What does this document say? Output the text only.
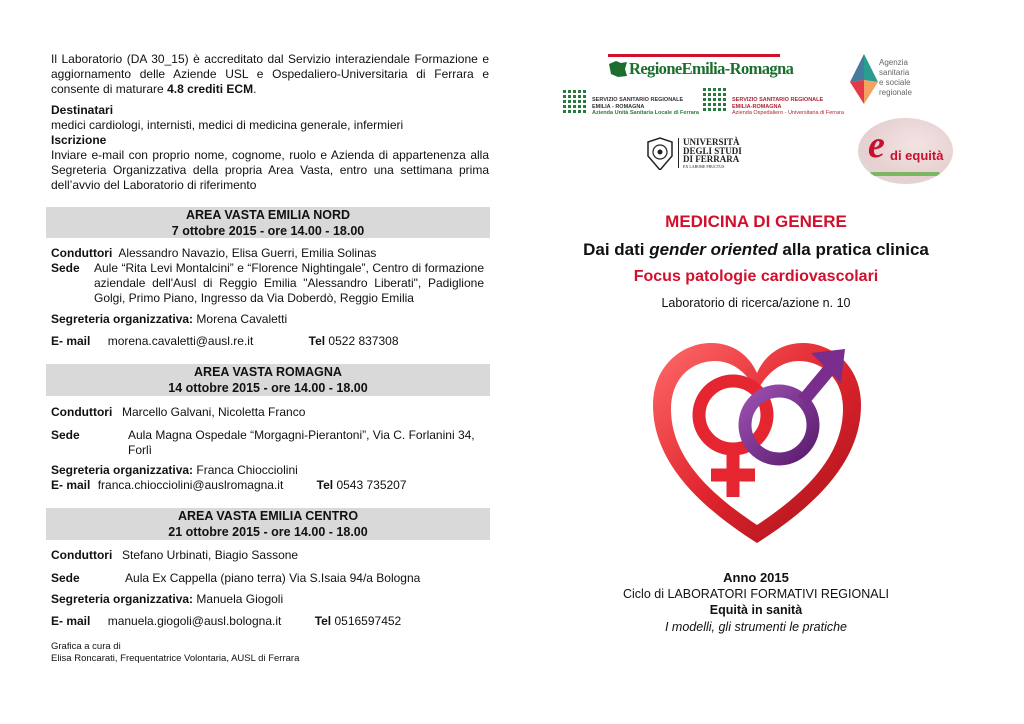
Il Laboratorio (DA 30_15) è accreditato dal Servizio interaziendale Formazione e aggiornamento delle Aziende USL e Ospedaliero-Universitaria di Ferrara e consente di maturare 4.8 crediti ECM.
Destinatari
medici cardiologi, internisti, medici di medicina generale, infermieri
Iscrizione
Inviare e-mail con proprio nome, cognome, ruolo e Azienda di appartenenza alla Segreteria Organizzativa della propria Area Vasta, entro una settimana prima dell’avvio del Laboratorio di riferimento
AREA VASTA EMILIA NORD
7 ottobre 2015 - ore 14.00 - 18.00
Conduttori Alessandro Navazio, Elisa Guerri, Emilia Solinas
Sede Aule “Rita Levi Montalcini” e “Florence Nightingale”, Centro di formazione aziendale dell'Ausl di Reggio Emilia "Alessandro Liberati", Padiglione Golgi, Primo Piano, Ingresso da Via Doberdò, Reggio Emilia
Segreteria organizzativa: Morena Cavaletti
E- mail morena.cavaletti@ausl.re.it	Tel 0522 837308
AREA VASTA ROMAGNA
14 ottobre 2015 - ore 14.00 - 18.00
Conduttori Marcello Galvani, Nicoletta Franco
Sede	Aula Magna Ospedale “Morgagni-Pierantoni”, Via C. Forlanini 34, Forlì
Segreteria organizzativa: Franca Chiocciolini
E- mail franca.chiocciolini@auslromagna.it	Tel 0543 735207
AREA VASTA EMILIA CENTRO
21 ottobre 2015 - ore 14.00 - 18.00
Conduttori Stefano Urbinati, Biagio Sassone
Sede	Aula Ex Cappella (piano terra) Via S.Isaia 94/a Bologna
Segreteria organizzativa: Manuela Giogoli
E- mail manuela.giogoli@ausl.bologna.it	Tel 0516597452
Grafica a cura di
Elisa Roncarati, Frequentatrice Volontaria, AUSL di Ferrara
RegioneEmilia-Romagna	Agenzia
sanitaria
e sociale
regionale
SERVIZIO SANITARIO REGIONALE
EMILIA - ROMAGNA
Azienda Unità Sanitaria Locale di Ferrara
SERVIZIO SANITARIO REGIONALE
EMILIA-ROMAGNA
Azienda Ospedaliero - Universitaria di Ferrara
UNIVERSITÀ
DEGLI STUDI
DI FERRARA
EX LABORE FRUCTUS	e di equità
MEDICINA DI GENERE
Dai dati gender oriented alla pratica clinica
Focus patologie cardiovascolari
Laboratorio di ricerca/azione n. 10
Anno 2015
Ciclo di LABORATORI FORMATIVI REGIONALI
Equità in sanità
I modelli, gli strumenti le pratiche
